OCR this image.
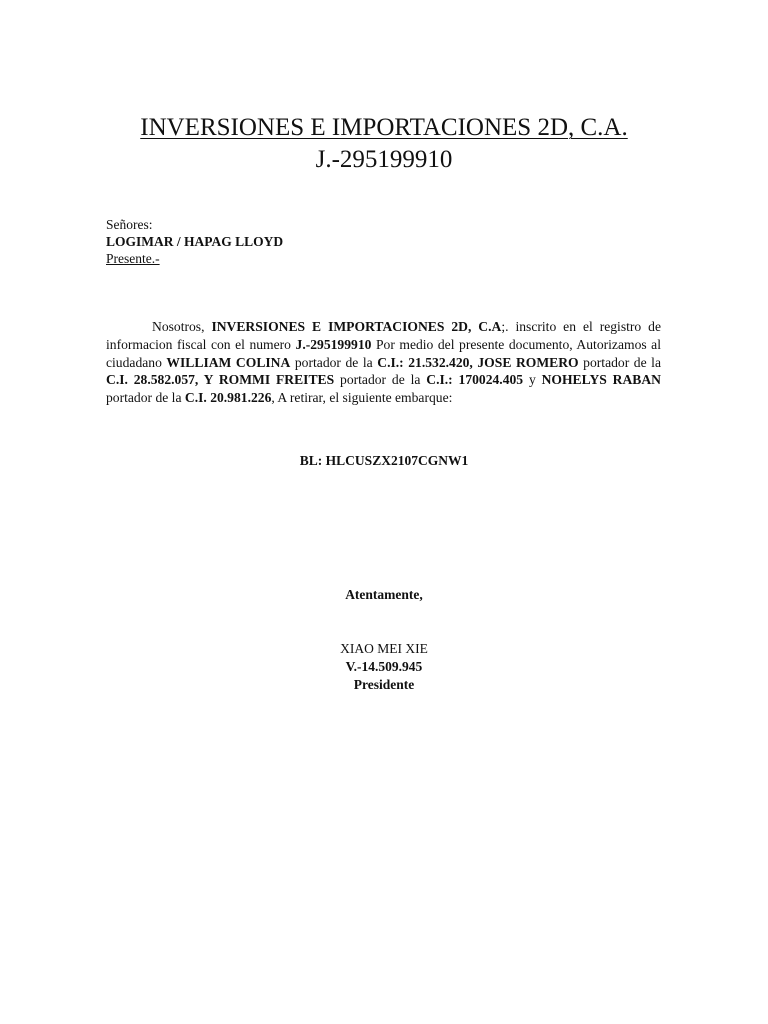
INVERSIONES E IMPORTACIONES 2D, C.A.
J.-295199910
Señores:
LOGIMAR / HAPAG LLOYD
Presente.-

Nosotros, INVERSIONES E IMPORTACIONES 2D, C.A;. inscrito en el registro de informacion fiscal con el numero J.-295199910 Por medio del presente documento, Autorizamos al ciudadano WILLIAM COLINA portador de la C.I.: 21.532.420, JOSE ROMERO portador de la C.I. 28.582.057, Y ROMMI FREITES portador de la C.I.: 170024.405 y NOHELYS RABAN portador de la C.I. 20.981.226, A retirar, el siguiente embarque:

BL: HLCUSZX2107CGNW1
Atentamente,
XIAO MEI XIE
V.-14.509.945
Presidente
